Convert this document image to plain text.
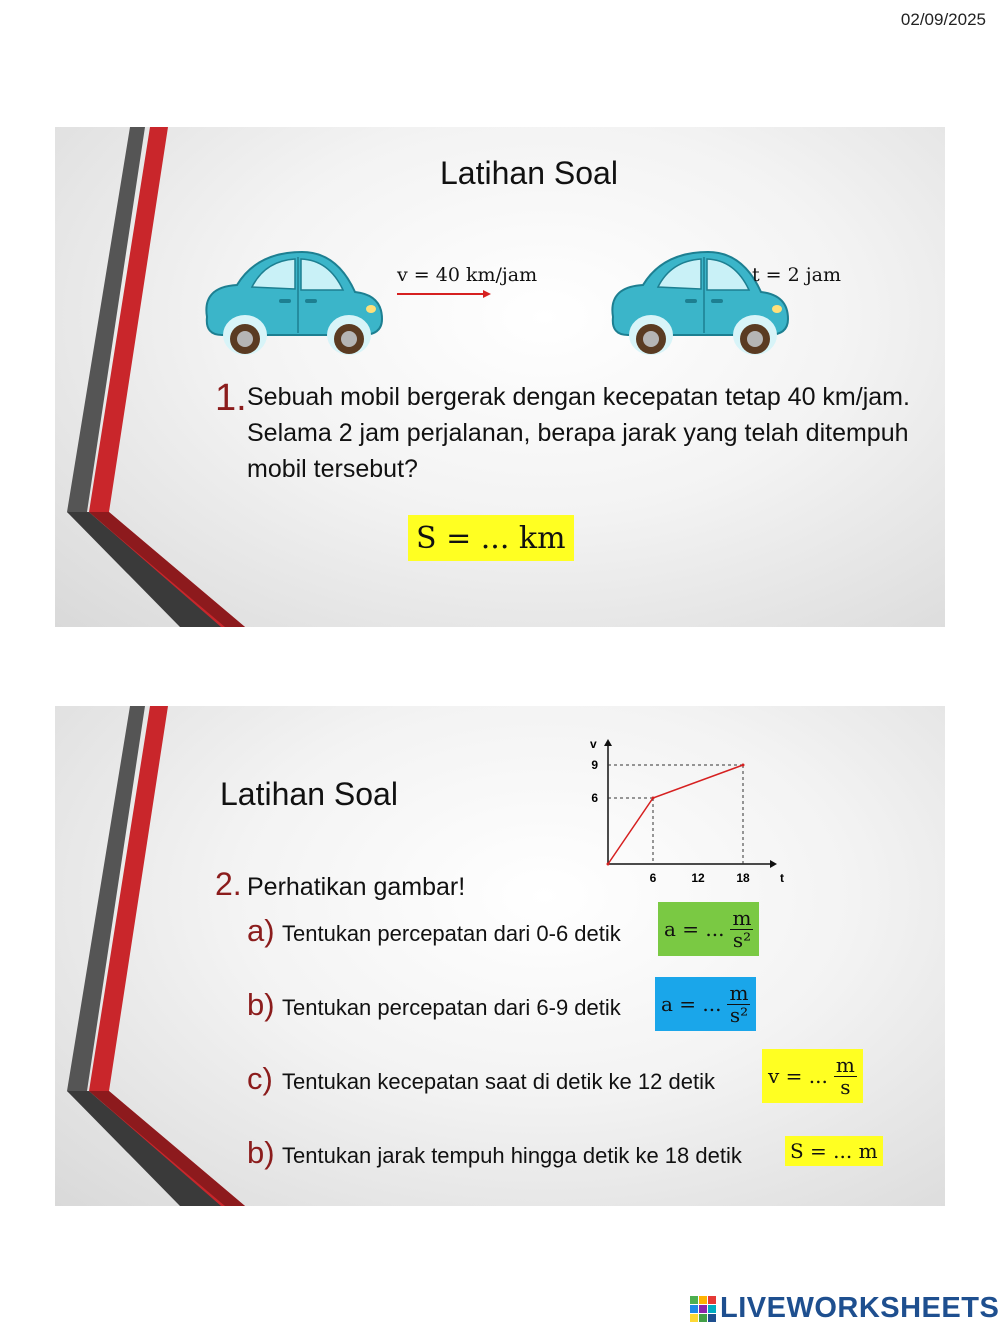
02/09/2025
Latihan Soal
v = 40 km/jam	t = 2 jam
1. Sebuah mobil bergerak dengan kecepatan tetap 40 km/jam. Selama 2 jam perjalanan, berapa jarak yang telah ditempuh mobil tersebut?
S = ... km
Latihan Soal
t
v
6	12	18
6
9
2. Perhatikan gambar!
a) Tentukan percepatan dari 0-6 detik a = ... $\frac{m}{\text{s²}}$
b) Tentukan percepatan dari 6-9 detik a = ... $\frac{m}{\text{s²}}$
c) Tentukan kecepatan saat di detik ke 12 detik	v = ... $\frac{m}{s}$
b) Tentukan jarak tempuh hingga detik ke 18 detik S = ... m
LIVEWORKSHEETS
